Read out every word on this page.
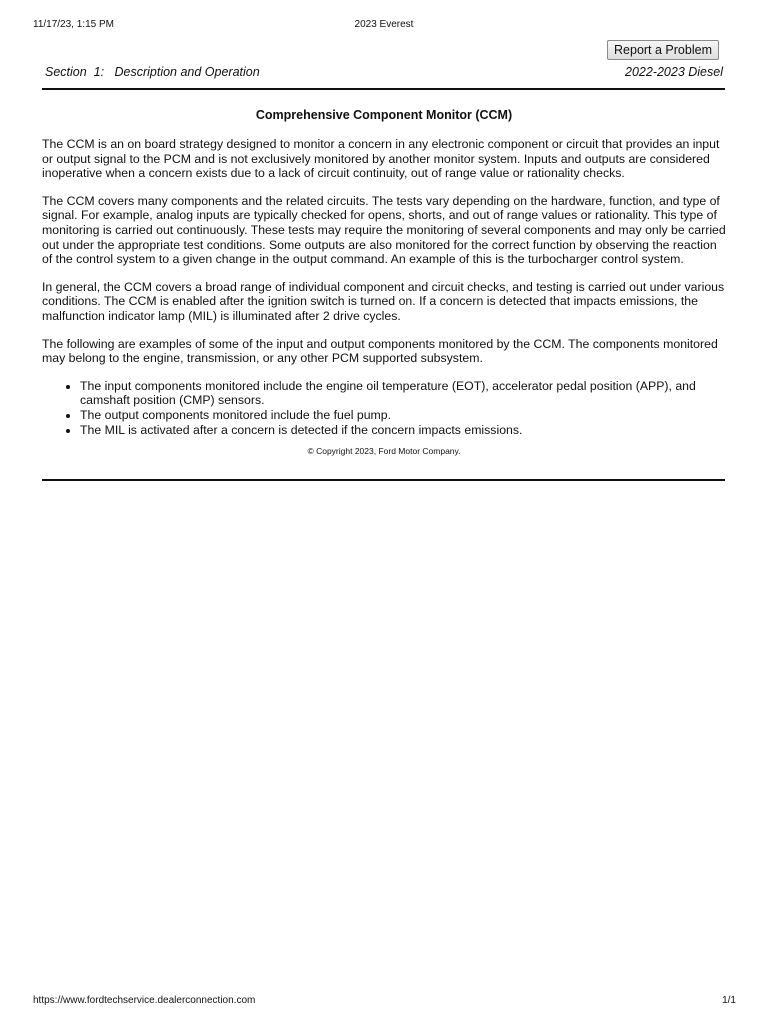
11/17/23, 1:15 PM	2023 Everest
Report a Problem
Section  1:   Description and Operation	2022-2023 Diesel
Comprehensive Component Monitor (CCM)

The CCM is an on board strategy designed to monitor a concern in any electronic component or circuit that provides an input or output signal to the PCM and is not exclusively monitored by another monitor system. Inputs and outputs are considered inoperative when a concern exists due to a lack of circuit continuity, out of range value or rationality checks.

The CCM covers many components and the related circuits. The tests vary depending on the hardware, function, and type of signal. For example, analog inputs are typically checked for opens, shorts, and out of range values or rationality. This type of monitoring is carried out continuously. These tests may require the monitoring of several components and may only be carried out under the appropriate test conditions. Some outputs are also monitored for the correct function by observing the reaction of the control system to a given change in the output command. An example of this is the turbocharger control system.

In general, the CCM covers a broad range of individual component and circuit checks, and testing is carried out under various conditions. The CCM is enabled after the ignition switch is turned on. If a concern is detected that impacts emissions, the malfunction indicator lamp (MIL) is illuminated after 2 drive cycles.

The following are examples of some of the input and output components monitored by the CCM. The components monitored may belong to the engine, transmission, or any other PCM supported subsystem.

• The input components monitored include the engine oil temperature (EOT), accelerator pedal position (APP), and camshaft position (CMP) sensors.
• The output components monitored include the fuel pump.
• The MIL is activated after a concern is detected if the concern impacts emissions.
© Copyright 2023, Ford Motor Company.
https://www.fordtechservice.dealerconnection.com	1/1
